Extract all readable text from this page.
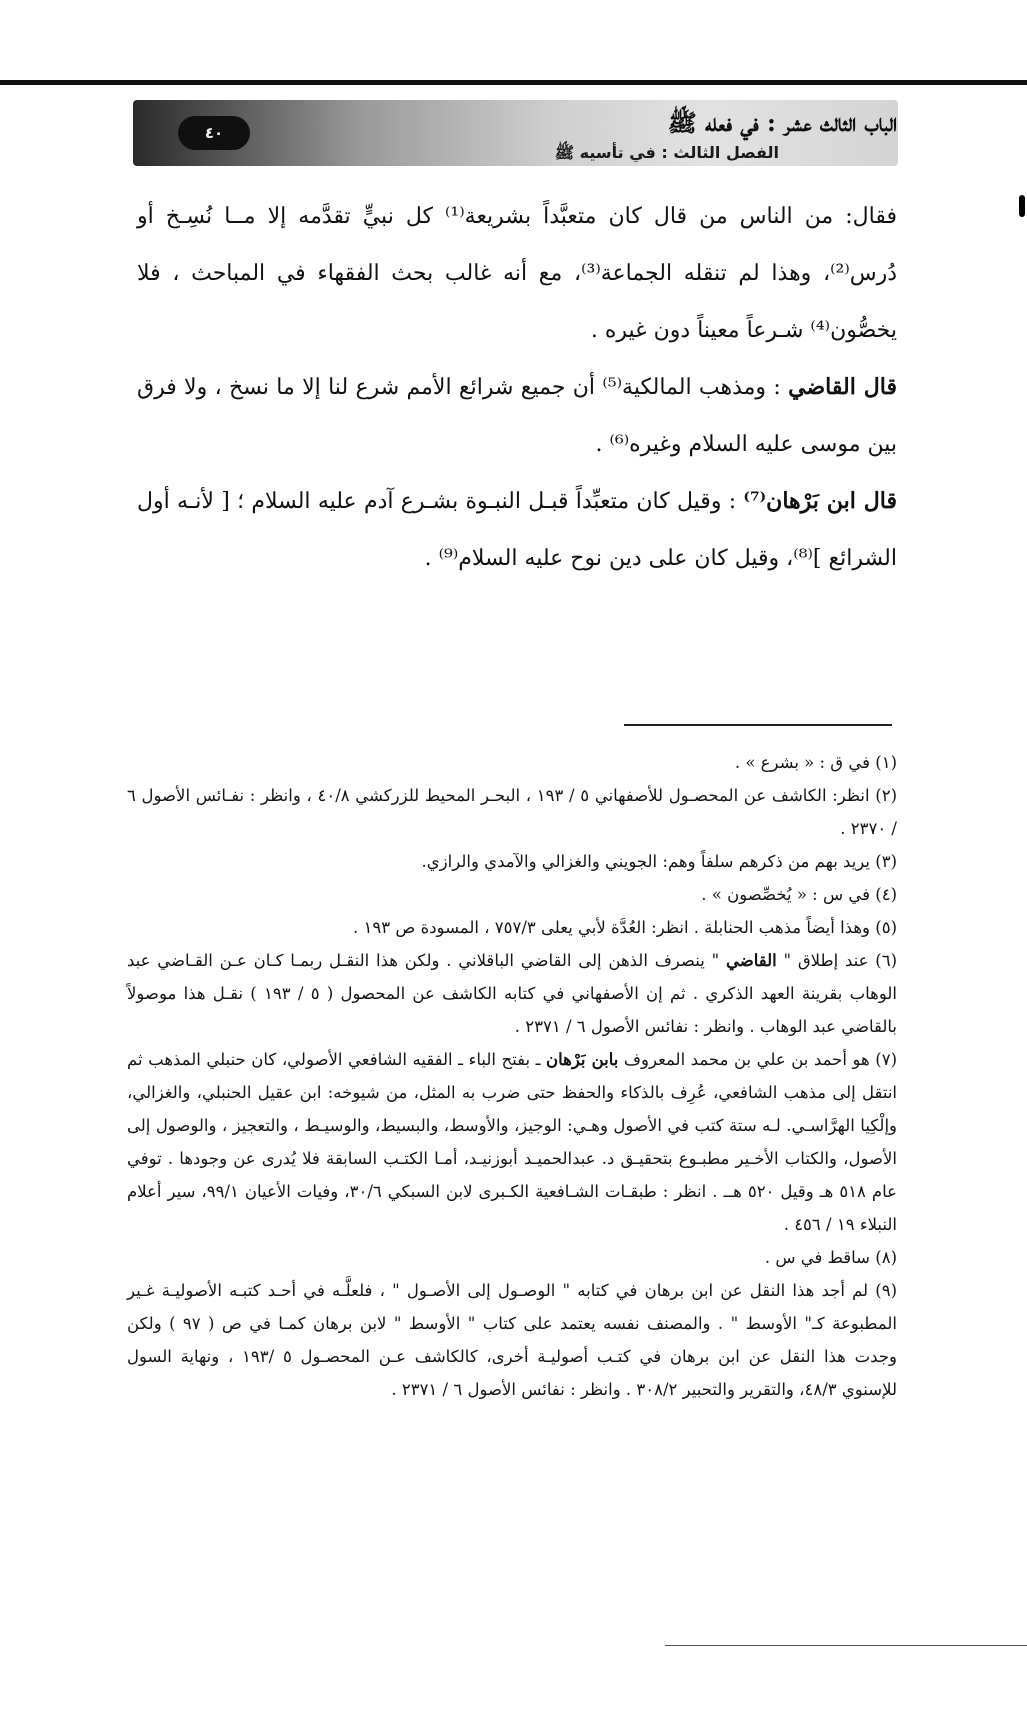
٤٠	الباب الثالث عشر : في فعله ﷺ
الفصل الثالث : في تأسيه ﷺ

فقال: من الناس من قال كان متعبَّداً بشريعة⁽¹⁾ كل نبيٍّ تقدَّمه إلا مــا نُسِـخ أو دُرس⁽²⁾، وهذا لم تنقله الجماعة⁽³⁾، مع أنه غالب بحث الفقهاء في المباحث ، فلا يخصُّون⁽⁴⁾ شـرعاً معيناً دون غيره .

قال القاضي : ومذهب المالكية⁽⁵⁾ أن جميع شرائع الأمم شرع لنا إلا ما نسخ ، ولا فرق بين موسى عليه السلام وغيره⁽⁶⁾ .

قال ابن بَرْهان⁽⁷⁾ : وقيل كان متعبِّداً قبـل النبـوة بشـرع آدم عليه السلام ؛ [ لأنـه أول الشرائع ]⁽⁸⁾، وقيل كان على دين نوح عليه السلام⁽⁹⁾ .

(١) في ق : « بشرع » .

(٢) انظر: الكاشف عن المحصـول للأصفهاني ٥ / ١٩٣ ، البحـر المحيط للزركشي ٤٠/٨ ، وانظر : نفـائس الأصول ٦ / ٢٣٧٠ .

(٣) يريد بهم من ذكرهم سلفاً وهم: الجويني والغزالي والآمدي والرازي.

(٤) في س : « يُخصِّصون » .

(٥) وهذا أيضاً مذهب الحنابلة . انظر: العُدَّة لأبي يعلى ٧٥٧/٣ ، المسودة ص ١٩٣ .

(٦) عند إطلاق " القاضي " ينصرف الذهن إلى القاضي الباقلاني . ولكن هذا النقـل ربمـا كـان عـن القـاضي عبد الوهاب بقرينة العهد الذكري . ثم إن الأصفهاني في كتابه الكاشف عن المحصول ( ٥ / ١٩٣ ) نقـل هذا موصولاً بالقاضي عبد الوهاب . وانظر : نفائس الأصول ٦ / ٢٣٧١ .

(٧) هو أحمد بن علي بن محمد المعروف بابن بَرْهان ـ بفتح الباء ـ الفقيه الشافعي الأصولي، كان حنبلي المذهب ثم انتقل إلى مذهب الشافعي، عُرِف بالذكاء والحفظ حتى ضرب به المثل، من شيوخه: ابن عقيل الحنبلي، والغزالي، وإلْكِيا الهرَّاسـي. لـه ستة كتب في الأصول وهـي: الوجيز، والأوسط، والبسيط، والوسيـط ، والتعجيز ، والوصول إلى الأصول، والكتاب الأخـير مطبـوع بتحقيـق د. عبدالحميـد أبوزنيـد، أمـا الكتـب السابقة فلا يُدرى عن وجودها . توفي عام ٥١٨ هـ وقيل ٥٢٠ هــ . انظر : طبقـات الشـافعية الكـبرى لابن السبكي ٣٠/٦، وفيات الأعيان ٩٩/١، سير أعلام النبلاء ١٩ / ٤٥٦ .

(٨) ساقط في س .

(٩) لم أجد هذا النقل عن ابن برهان في كتابه " الوصـول إلى الأصـول " ، فلعلَّـه في أحـد كتبـه الأصوليـة غـير المطبوعة كـ" الأوسط " . والمصنف نفسه يعتمد على كتاب " الأوسط " لابن برهان كمـا في ص ( ٩٧ ) ولكن وجدت هذا النقل عن ابن برهان في كتـب أصوليـة أخرى، كالكاشف عـن المحصـول ٥ /١٩٣ ، ونهاية السول للإسنوي ٤٨/٣، والتقرير والتحبير ٣٠٨/٢ . وانظر : نفائس الأصول ٦ / ٢٣٧١ .
